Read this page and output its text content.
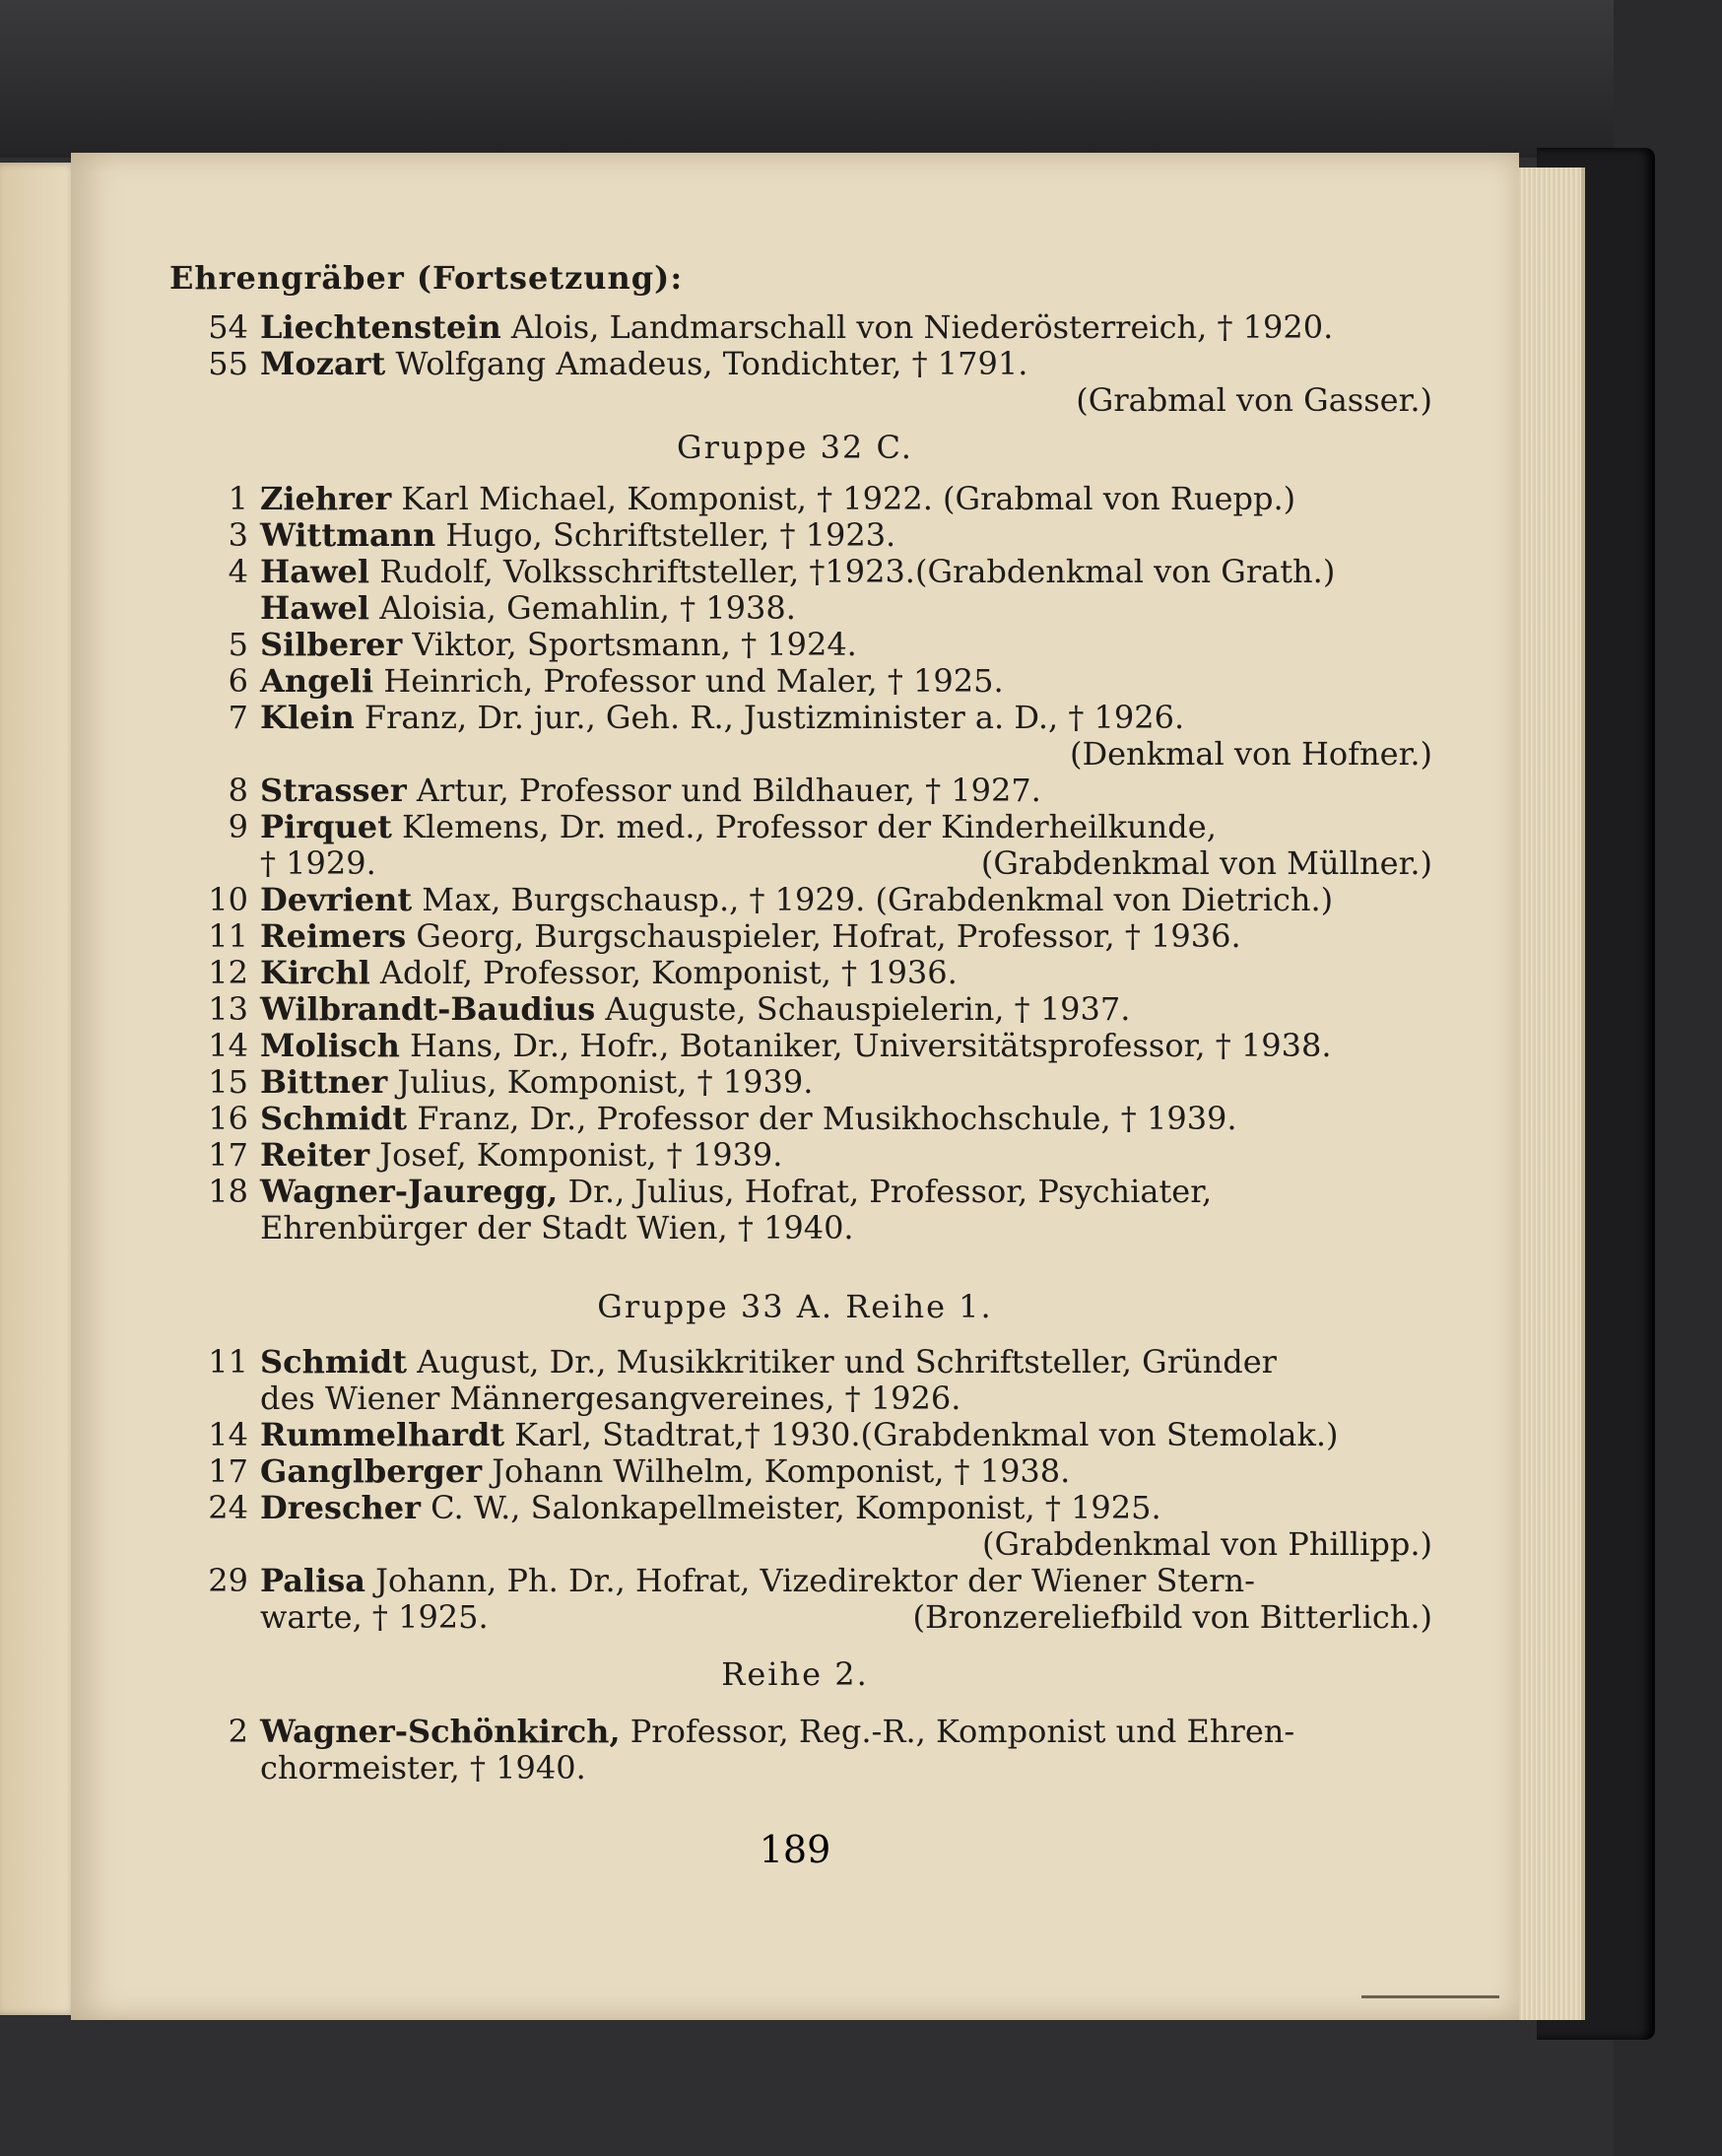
Ehrengräber (Fortsetzung):
54 Liechtenstein Alois, Landmarschall von Niederösterreich, † 1920.
55 Mozart Wolfgang Amadeus, Tondichter, † 1791.
(Grabmal von Gasser.)
Gruppe 32 C.
1 Ziehrer Karl Michael, Komponist, † 1922. (Grabmal von Ruepp.)
3 Wittmann Hugo, Schriftsteller, † 1923.
4 Hawel Rudolf, Volksschriftsteller, †1923.(Grabdenkmal von Grath.)
Hawel Aloisia, Gemahlin, † 1938.
5 Silberer Viktor, Sportsmann, † 1924.
6 Angeli Heinrich, Professor und Maler, † 1925.
7 Klein Franz, Dr. jur., Geh. R., Justizminister a. D., † 1926.
(Denkmal von Hofner.)
8 Strasser Artur, Professor und Bildhauer, † 1927.
9 Pirquet Klemens, Dr. med., Professor der Kinderheilkunde,
† 1929.	(Grabdenkmal von Müllner.)
10 Devrient Max, Burgschausp., † 1929. (Grabdenkmal von Dietrich.)
11 Reimers Georg, Burgschauspieler, Hofrat, Professor, † 1936.
12 Kirchl Adolf, Professor, Komponist, † 1936.
13 Wilbrandt-Baudius Auguste, Schauspielerin, † 1937.
14 Molisch Hans, Dr., Hofr., Botaniker, Universitätsprofessor, † 1938.
15 Bittner Julius, Komponist, † 1939.
16 Schmidt Franz, Dr., Professor der Musikhochschule, † 1939.
17 Reiter Josef, Komponist, † 1939.
18 Wagner-Jauregg, Dr., Julius, Hofrat, Professor, Psychiater,
Ehrenbürger der Stadt Wien, † 1940.
Gruppe 33 A. Reihe 1.
11 Schmidt August, Dr., Musikkritiker und Schriftsteller, Gründer
des Wiener Männergesangvereines, † 1926.
14 Rummelhardt Karl, Stadtrat,† 1930.(Grabdenkmal von Stemolak.)
17 Ganglberger Johann Wilhelm, Komponist, † 1938.
24 Drescher C. W., Salonkapellmeister, Komponist, † 1925.
(Grabdenkmal von Phillipp.)
29 Palisa Johann, Ph. Dr., Hofrat, Vizedirektor der Wiener Stern-
warte, † 1925.	(Bronzereliefbild von Bitterlich.)
Reihe 2.
2 Wagner-Schönkirch, Professor, Reg.-R., Komponist und Ehren-
chormeister, † 1940.
189
